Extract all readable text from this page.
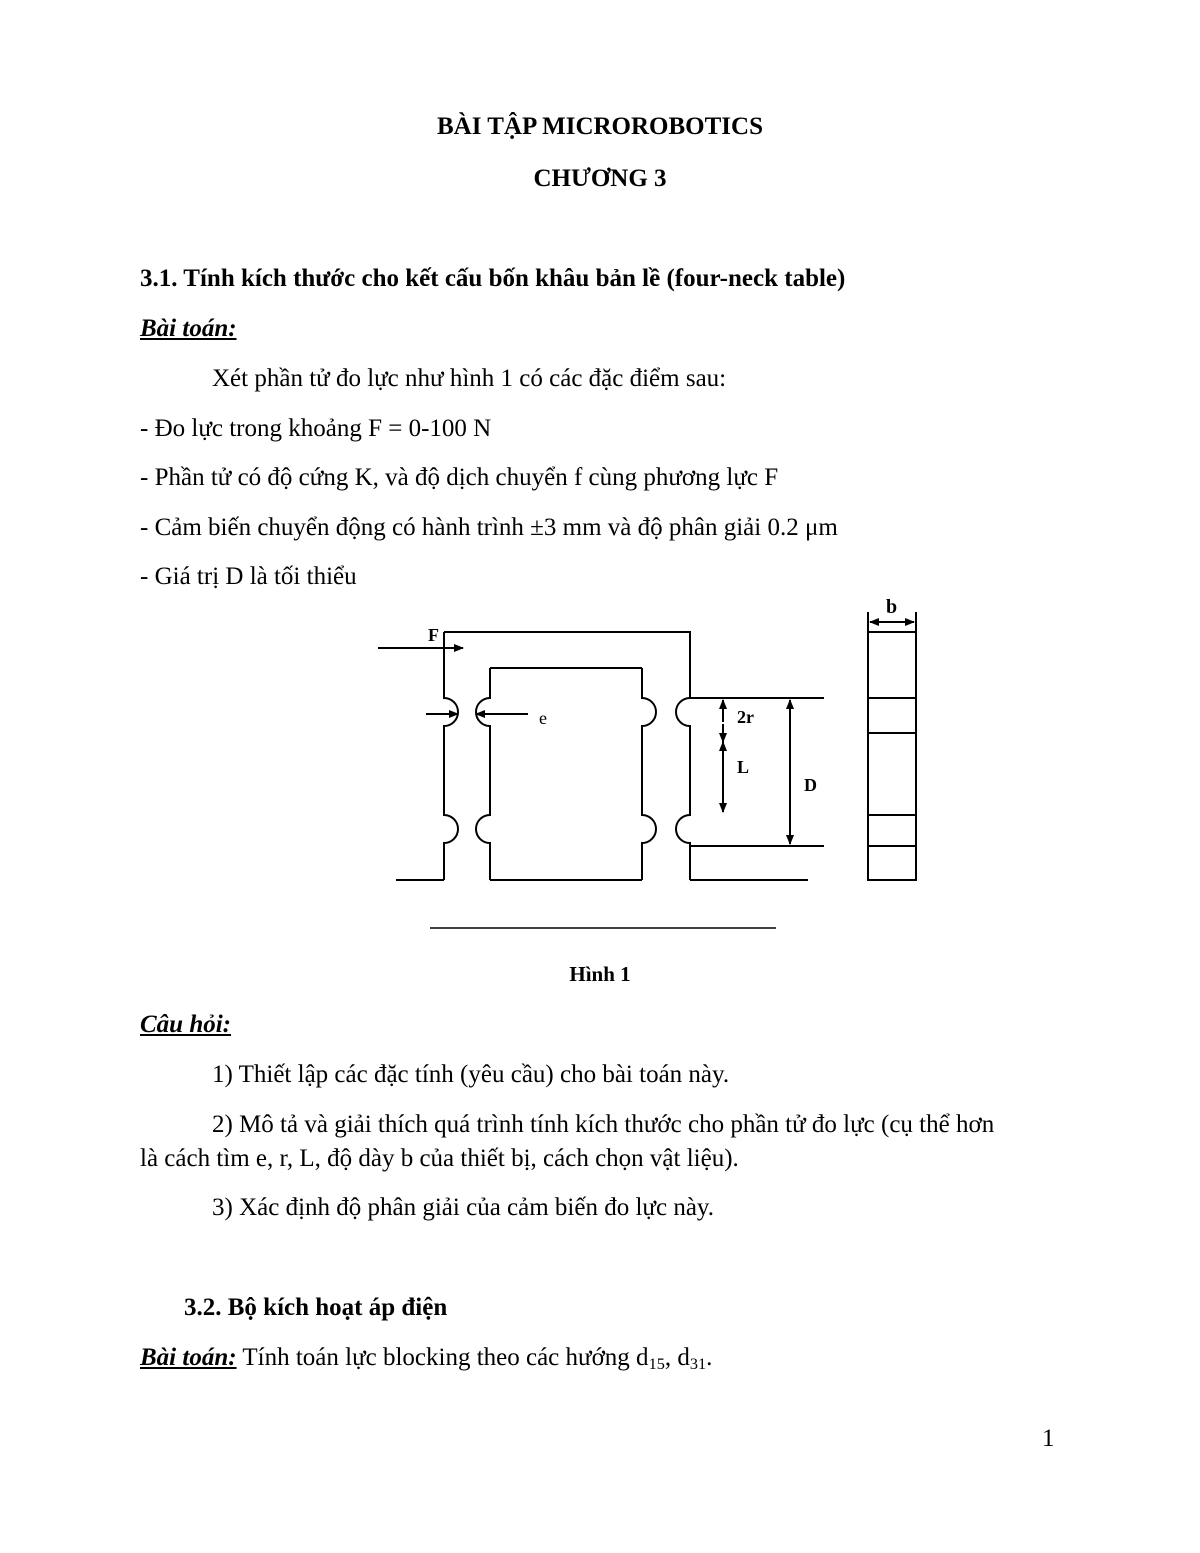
F
e	2r
L
D
b
BÀI TẬP MICROROBOTICS
CHƯƠNG 3
3.1. Tính kích thước cho kết cấu bốn khâu bản lề (four-neck table)
Bài toán:
Xét phần tử đo lực như hình 1 có các đặc điểm sau:
- Đo lực trong khoảng F = 0-100 N
- Phần tử có độ cứng K, và độ dịch chuyển f cùng phương lực F
- Cảm biến chuyển động có hành trình ±3 mm và độ phân giải 0.2 μm
- Giá trị D là tối thiểu
Hình 1
Câu hỏi:
1) Thiết lập các đặc tính (yêu cầu) cho bài toán này.
2) Mô tả và giải thích quá trình tính kích thước cho phần tử đo lực (cụ thể hơn
là cách tìm e, r, L, độ dày b của thiết bị, cách chọn vật liệu).
3) Xác định độ phân giải của cảm biến đo lực này.
3.2. Bộ kích hoạt áp điện
Bài toán: Tính toán lực blocking theo các hướng $d_{15}$, $d_{31}$.
1
